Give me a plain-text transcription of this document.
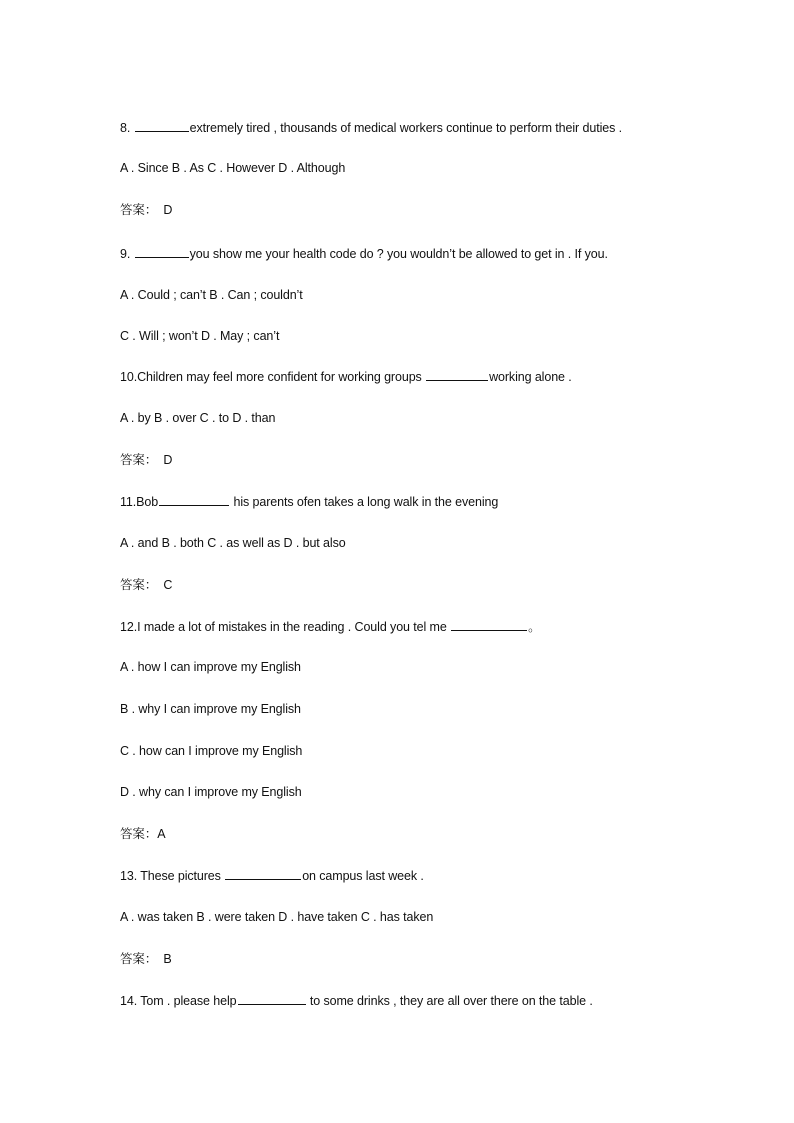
8.	extremely tired , thousands of medical workers continue to perform their duties .
A . Since B . As C . However D . Although
答案：　D
9.	you show me your health code do ? you wouldn’t be allowed to get in . If you.
A . Could ; can’t B . Can ; couldn’t
C . Will ; won’t D . May ; can’t
10.Children may feel more confident for working groups	working alone .
A . by B . over C . to D . than
答案：　D
11.Bob	his parents ofen takes a long walk in the evening
A . and B . both C . as well as D . but also
答案：　C
12.I made a lot of mistakes in the reading . Could you tel me	。
A . how I can improve my English
B . why I can improve my English
C . how can I improve my English
D . why can I improve my English
答案：A
13. These pictures	on campus last week .
A . was taken B . were taken D . have taken C . has taken
答案：　B
14. Tom . please help	to some drinks , they are all over there on the table .
